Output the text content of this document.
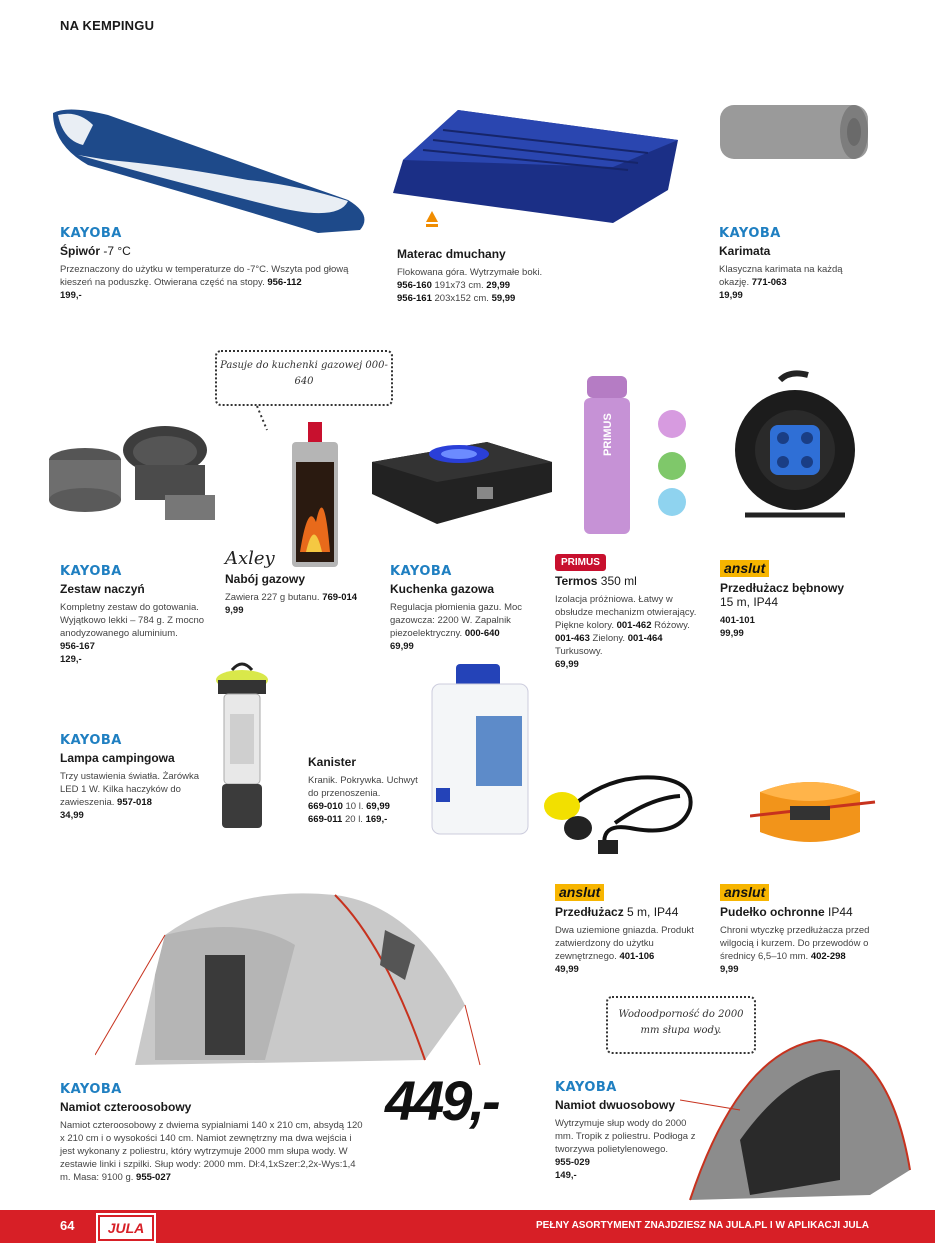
NA KEMPINGU
KAYOBA
Śpiwór -7 °C
Przeznaczony do użytku w temperaturze do -7°C. Wszyta pod głową kieszeń na poduszkę. Otwierana część na stopy. 956-112
199,-
Materac dmuchany
Flokowana góra. Wytrzymałe boki.
956-160 191x73 cm. 29,99
956-161 203x152 cm. 59,99
KAYOBA
Karimata
Klasyczna karimata na każdą okazję. 771-063
19,99
Pasuje do kuchenki gazowej 000-640
PRIMUS
KAYOBA
Zestaw naczyń
Kompletny zestaw do gotowania. Wyjątkowo lekki – 784 g. Z mocno anodyzowanego aluminium.
956-167
129,-
Axley
Nabój gazowy
Zawiera 227 g butanu. 769-014
9,99
KAYOBA
Kuchenka gazowa
Regulacja płomienia gazu. Moc gazowcza: 2200 W. Zapalnik piezoelektryczny. 000-640
69,99
PRIMUS
Termos 350 ml
Izolacja próżniowa. Łatwy w obsłudze mechanizm otwierający. Piękne kolory. 001-462 Różowy. 001-463 Zielony. 001-464 Turkusowy.
69,99
anslut
Przedłużacz bębnowy
15 m, IP44
401-101
99,99
KAYOBA
Lampa campingowa
Trzy ustawienia światła. Żarówka LED 1 W. Kilka haczyków do zawieszenia. 957-018
34,99
Kanister
Kranik. Pokrywka. Uchwyt do przenoszenia.
669-010 10 l. 69,99
669-011 20 l. 169,-
anslut
Przedłużacz 5 m, IP44
Dwa uziemione gniazda. Produkt zatwierdzony do użytku zewnętrznego. 401-106
49,99
anslut
Pudełko ochronne IP44
Chroni wtyczkę przedłużacza przed wilgocią i kurzem. Do przewodów o średnicy 6,5–10 mm. 402-298
9,99
Wodoodporność do 2000 mm słupa wody.
KAYOBA
Namiot czteroosobowy
Namiot czteroosobowy z dwiema sypialniami 140 x 210 cm, absydą 120 x 210 cm i o wysokości 140 cm. Namiot zewnętrzny ma dwa wejścia i jest wykonany z poliestru, który wytrzymuje 2000 mm słupa wody. W zestawie linki i szpilki. Słup wody: 2000 mm. Dł:4,1xSzer:2,2x-Wys:1,4 m. Masa: 9100 g. 955-027
449,-	KAYOBA
Namiot dwuosobowy
Wytrzymuje słup wody do 2000 mm. Tropik z poliestru. Podłoga z tworzywa polietylenowego.
955-029
149,-
64	JULA	PEŁNY ASORTYMENT ZNAJDZIESZ NA JULA.PL I W APLIKACJI JULA
